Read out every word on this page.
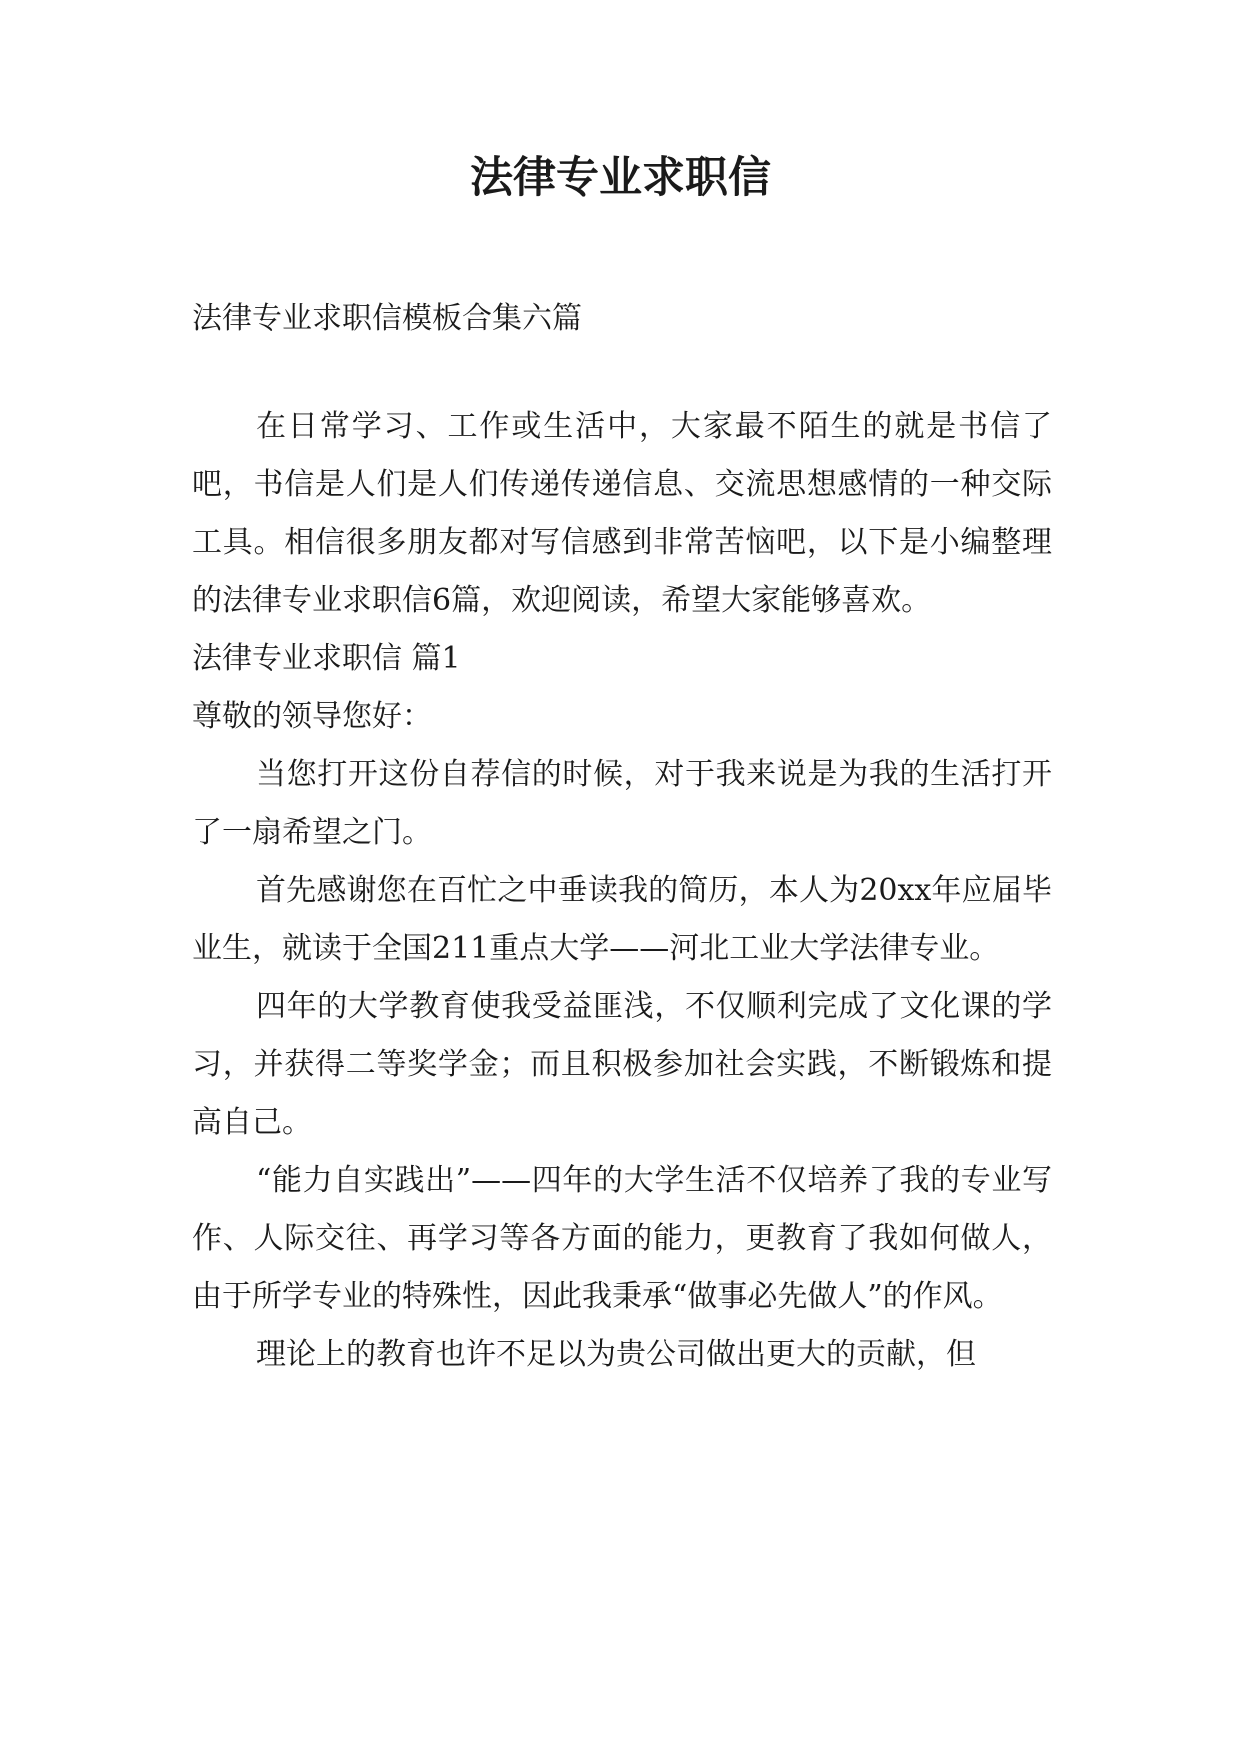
法律专业求职信

法律专业求职信模板合集六篇

在日常学习、工作或生活中，大家最不陌生的就是书信了吧，书信是人们是人们传递传递信息、交流思想感情的一种交际工具。相信很多朋友都对写信感到非常苦恼吧，以下是小编整理的法律专业求职信6篇，欢迎阅读，希望大家能够喜欢。

法律专业求职信 篇1

尊敬的领导您好：

当您打开这份自荐信的时候，对于我来说是为我的生活打开了一扇希望之门。

首先感谢您在百忙之中垂读我的简历，本人为20xx年应届毕业生，就读于全国211重点大学——河北工业大学法律专业。

四年的大学教育使我受益匪浅，不仅顺利完成了文化课的学习，并获得二等奖学金；而且积极参加社会实践，不断锻炼和提高自己。

“能力自实践出”——四年的大学生活不仅培养了我的专业写作、人际交往、再学习等各方面的能力，更教育了我如何做人，由于所学专业的特殊性，因此我秉承“做事必先做人”的作风。

理论上的教育也许不足以为贵公司做出更大的贡献，但
